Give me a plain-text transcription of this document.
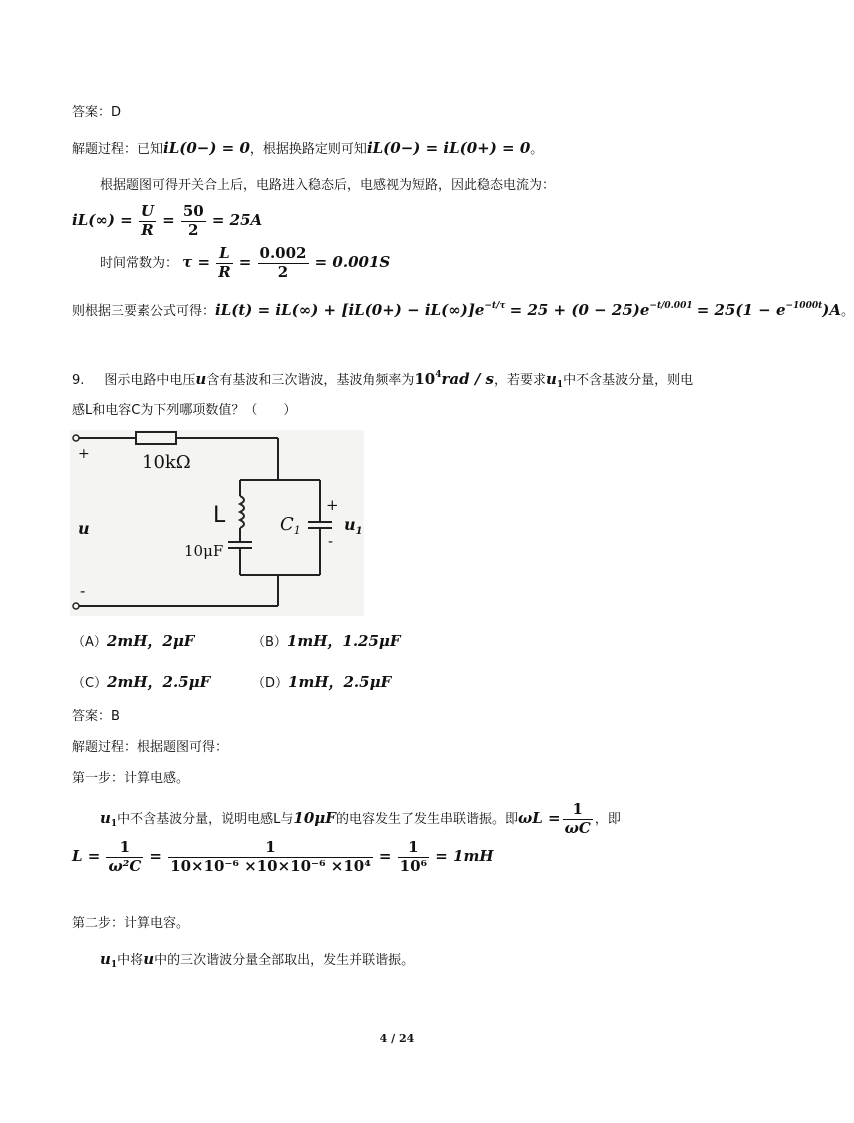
答案：D
解题过程：已知iL(0−) = 0，根据换路定则可知iL(0−) = iL(0+) = 0。
根据题图可得开关合上后，电路进入稳态后，电感视为短路，因此稳态电流为：
$iL(\infty) = \frac{U}{R} = \frac{50}{2} = 25A$
时间常数为： $\tau = \frac{L}{R} = \frac{0.002}{2} = 0.001S$
则根据三要素公式可得：$iL(t) = iL(\infty) + [iL(0+) - iL(\infty)]e^{-t/\tau} = 25 + (0 - 25)e^{-t/0.001} = 25(1 - e^{-1000t})A$。
9. 图示电路中电压u含有基波和三次谐波，基波角频率为$10^4rad$ / s，若要求$u_1$中不含基波分量，则电
感L和电容C为下列哪项数值？（　　）
+
-
10kΩ
L
10μF
$C_1$
+
-
u	$u_1$
（A）2mH，2μF	（B）1mH，1.25μF
（C）2mH，2.5μF	（D）1mH，2.5μF
答案：B
解题过程：根据题图可得：
第一步：计算电感。
$u_1$中不含基波分量，说明电感L与10μF的电容发生了发生串联谐振。即$\omega L = \frac{1}{\omega C}$ ，即
$L = \frac{1}{\text{ω²C}} = \frac{1}{\text{10×10⁻⁶ ×10×10⁻⁶ ×10⁴}} = \frac{1}{\text{10⁶}} = 1mH$
第二步：计算电容。
$u_1$中将u中的三次谐波分量全部取出，发生并联谐振。
4 / 24
